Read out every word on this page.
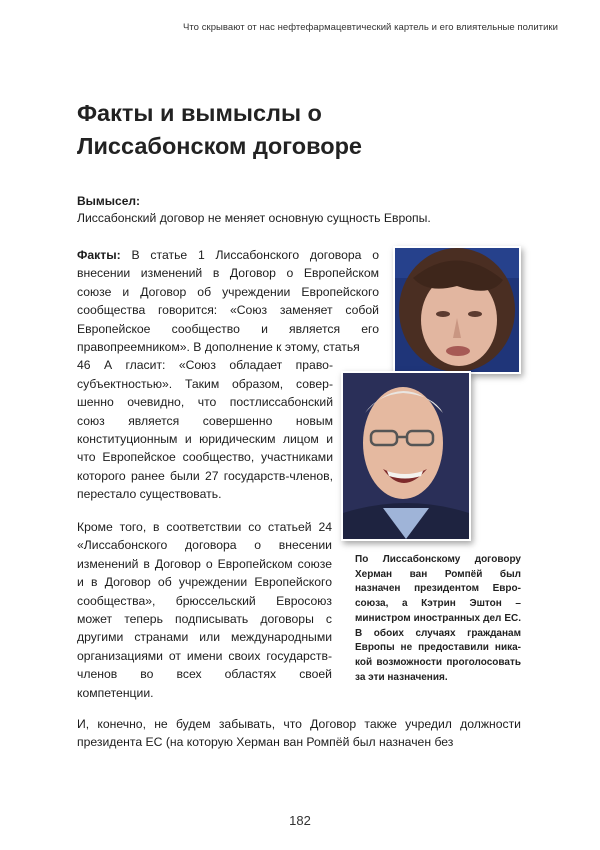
Что скрывают от нас нефтефармацевтический картель и его влиятельные политики
Факты и вымыслы о Лиссабонском договоре
Вымысел:
Лиссабонский договор не меняет основную сущность Европы.
Факты: В статье 1 Лиссабонского договора о внесении изменений в Договор о Европейском союзе и Договор об учреждении Европейского сообщества говорится: «Союз заменяет собой Европейское сообщество и является его правопреемником». В дополнение к этому, статья
46 А гласит: «Союз обладает правосубъектностью». Таким образом, совершенно очевидно, что постлиссабонский союз является совершенно новым конституционным и юридическим лицом и что Европейское сообщество, участниками которого ранее были 27 государств-членов, перестало существовать.

По Лиссабонскому договору Херман ван Ромпёй был назначен президентом Евросоюза, а Кэтрин Эштон – министром иностранных дел ЕС. В обоих случаях гражданам Европы не предоставили никакой возможности проголосовать за эти назначения.

Кроме того, в соответствии со статьей 24 «Лиссабонского договора о внесении изменений в Договор о Европейском союзе и в Договор об учреждении Европейского сообщества», брюссельский Евросоюз может теперь подписывать договоры с другими странами или международными организациями от имени своих государств-членов во всех областях своей компетенции.

И, конечно, не будем забывать, что Договор также учредил должности президента ЕС (на которую Херман ван Ромпёй был назначен без

182
